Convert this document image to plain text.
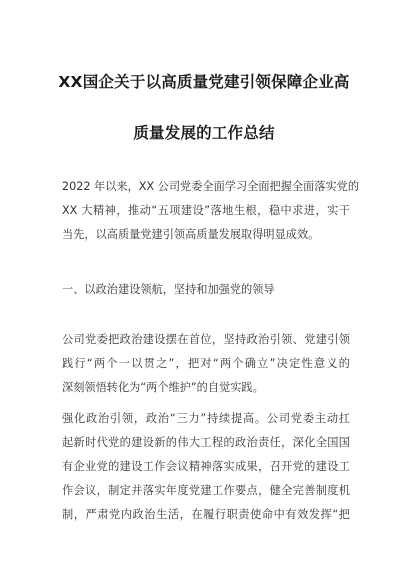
XX国企关于以高质量党建引领保障企业高
质量发展的工作总结
2022 年以来，XX 公司党委全面学习全面把握全面落实党的
XX 大精神，推动“五项建设”落地生根，稳中求进，实干
当先，以高质量党建引领高质量发展取得明显成效。
一、以政治建设领航，坚持和加强党的领导
公司党委把政治建设摆在首位，坚持政治引领、党建引领
践行“两个一以贯之”，把对“两个确立”决定性意义的
深刻领悟转化为“两个维护”的自觉实践。
强化政治引领，政治“三力”持续提高。公司党委主动扛
起新时代党的建设新的伟大工程的政治责任，深化全国国
有企业党的建设工作会议精神落实成果，召开党的建设工
作会议，制定并落实年度党建工作要点，健全完善制度机
制，严肃党内政治生活，在履行职责使命中有效发挥“把
